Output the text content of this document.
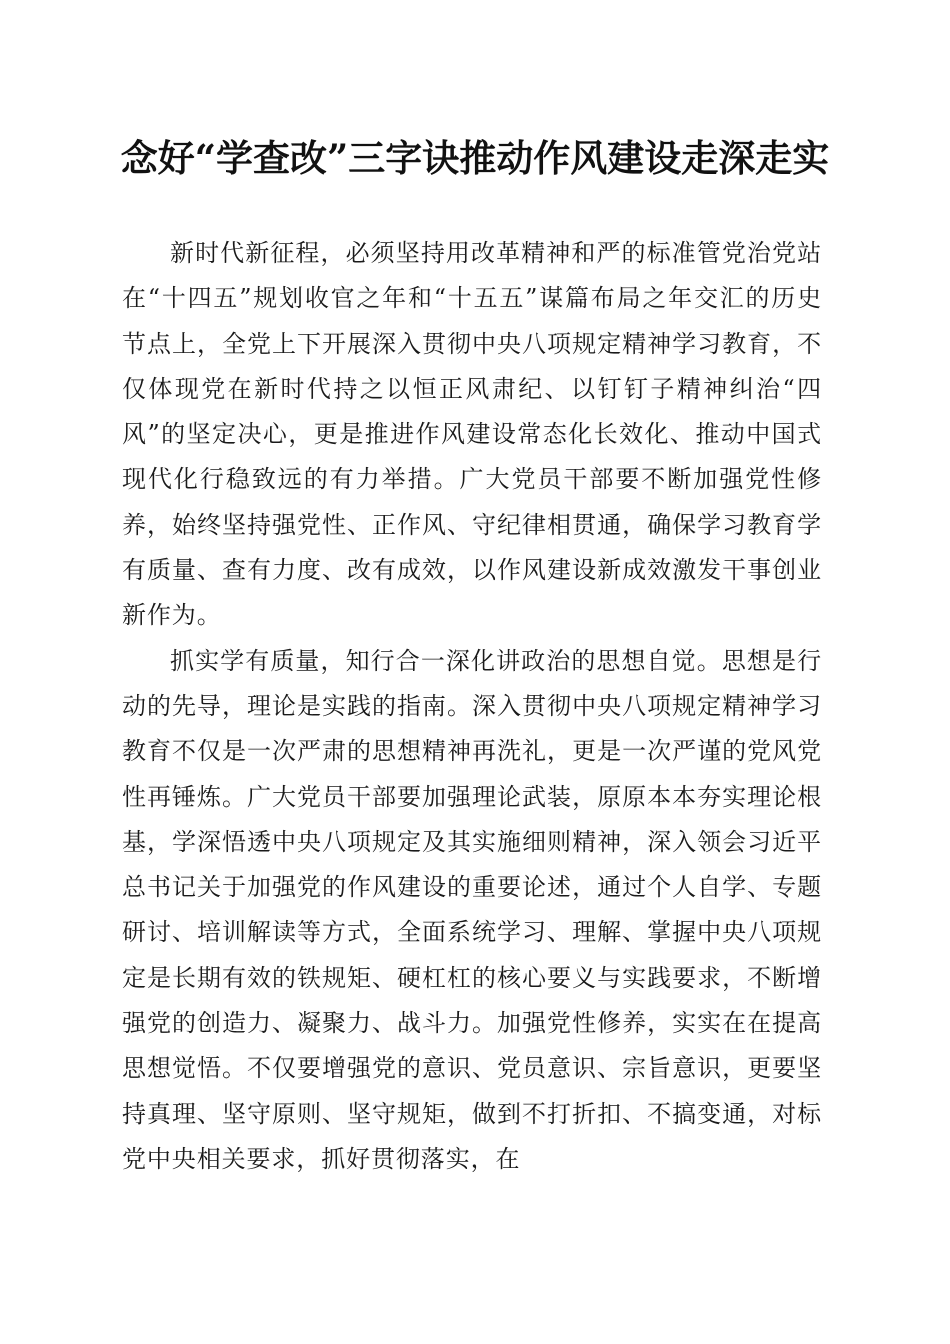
念好“学查改”三字诀推动作风建设走深走实

新时代新征程，必须坚持用改革精神和严的标准管党治党站在“十四五”规划收官之年和“十五五”谋篇布局之年交汇的历史节点上，全党上下开展深入贯彻中央八项规定精神学习教育，不仅体现党在新时代持之以恒正风肃纪、以钉钉子精神纠治“四风”的坚定决心，更是推进作风建设常态化长效化、推动中国式现代化行稳致远的有力举措。广大党员干部要不断加强党性修养，始终坚持强党性、正作风、守纪律相贯通，确保学习教育学有质量、查有力度、改有成效，以作风建设新成效激发干事创业新作为。

抓实学有质量，知行合一深化讲政治的思想自觉。思想是行动的先导，理论是实践的指南。深入贯彻中央八项规定精神学习教育不仅是一次严肃的思想精神再洗礼，更是一次严谨的党风党性再锤炼。广大党员干部要加强理论武装，原原本本夯实理论根基，学深悟透中央八项规定及其实施细则精神，深入领会习近平总书记关于加强党的作风建设的重要论述，通过个人自学、专题研讨、培训解读等方式，全面系统学习、理解、掌握中央八项规定是长期有效的铁规矩、硬杠杠的核心要义与实践要求，不断增强党的创造力、凝聚力、战斗力。加强党性修养，实实在在提高思想觉悟。不仅要增强党的意识、党员意识、宗旨意识，更要坚持真理、坚守原则、坚守规矩，做到不打折扣、不搞变通，对标党中央相关要求，抓好贯彻落实，在
